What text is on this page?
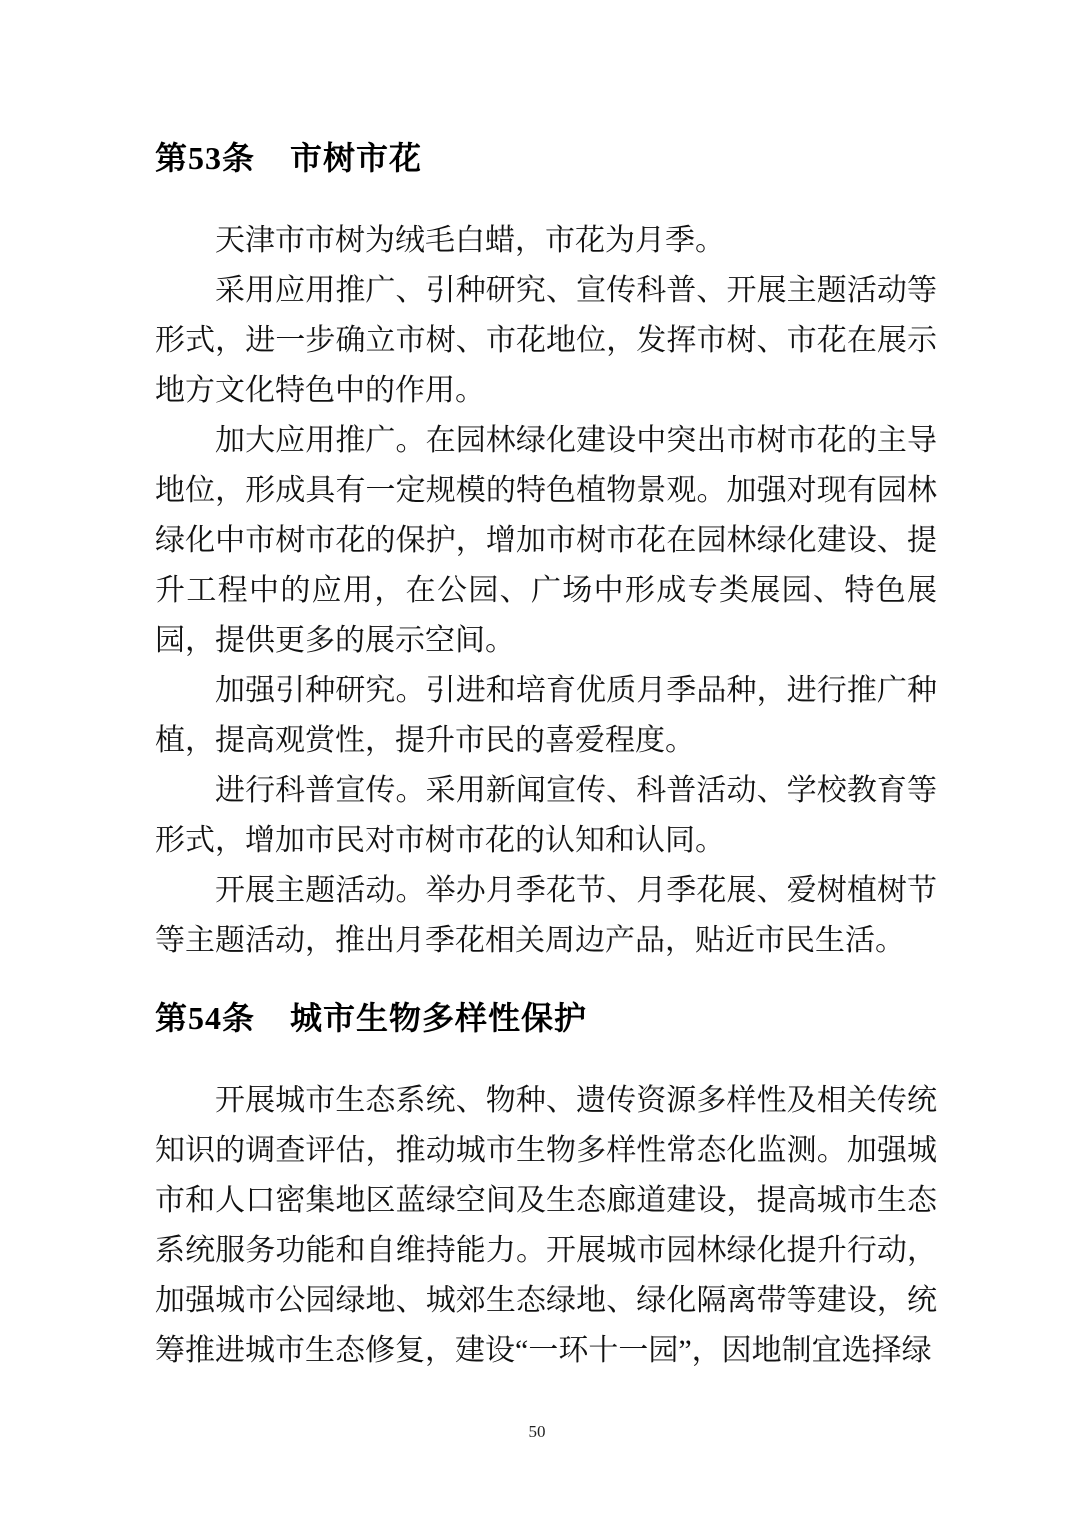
第53条 市树市花

天津市市树为绒毛白蜡，市花为月季。

采用应用推广、引种研究、宣传科普、开展主题活动等形式，进一步确立市树、市花地位，发挥市树、市花在展示地方文化特色中的作用。

加大应用推广。在园林绿化建设中突出市树市花的主导地位，形成具有一定规模的特色植物景观。加强对现有园林绿化中市树市花的保护，增加市树市花在园林绿化建设、提升工程中的应用，在公园、广场中形成专类展园、特色展园，提供更多的展示空间。

加强引种研究。引进和培育优质月季品种，进行推广种植，提高观赏性，提升市民的喜爱程度。

进行科普宣传。采用新闻宣传、科普活动、学校教育等形式，增加市民对市树市花的认知和认同。

开展主题活动。举办月季花节、月季花展、爱树植树节等主题活动，推出月季花相关周边产品，贴近市民生活。

第54条 城市生物多样性保护

开展城市生态系统、物种、遗传资源多样性及相关传统知识的调查评估，推动城市生物多样性常态化监测。加强城市和人口密集地区蓝绿空间及生态廊道建设，提高城市生态系统服务功能和自维持能力。开展城市园林绿化提升行动，加强城市公园绿地、城郊生态绿地、绿化隔离带等建设，统筹推进城市生态修复，建设“一环十一园”，因地制宜选择绿

50
